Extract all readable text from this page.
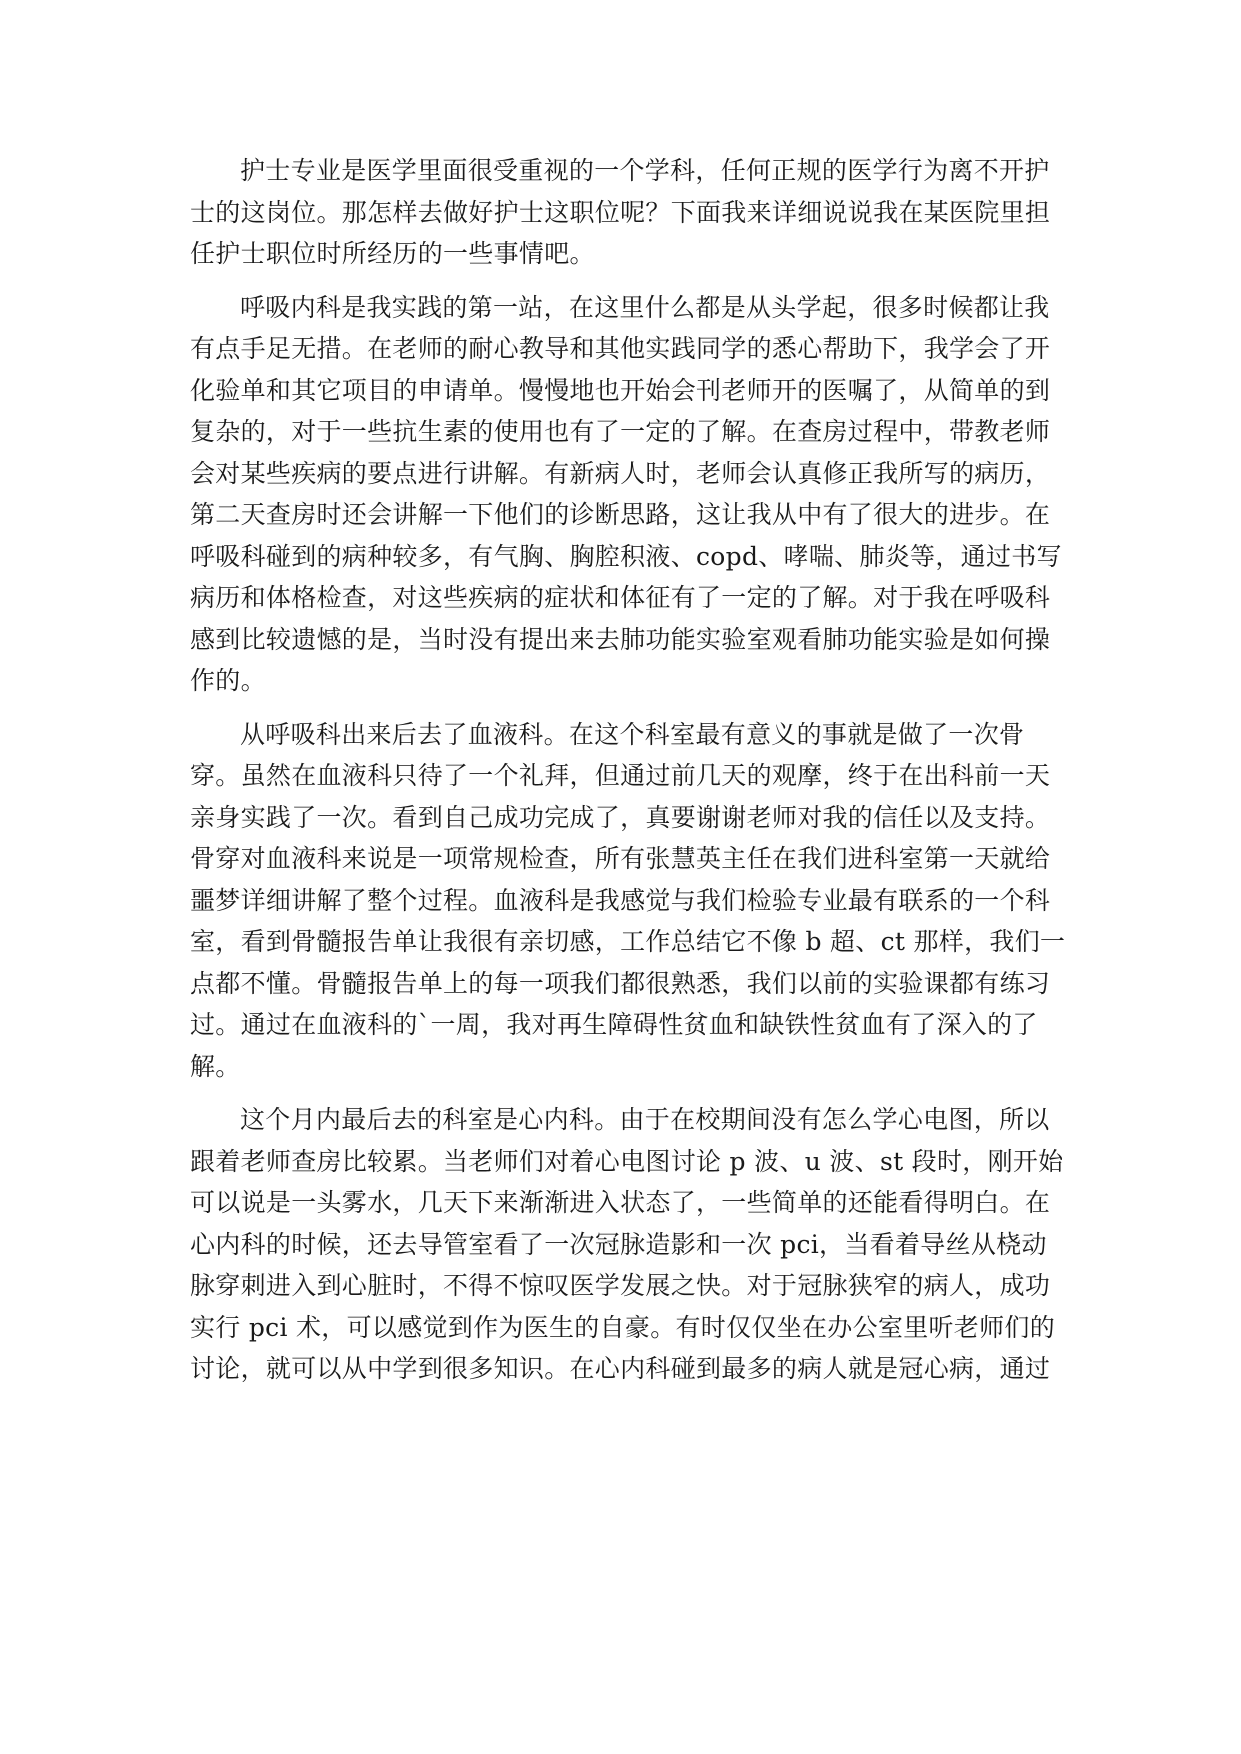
护士专业是医学里面很受重视的一个学科，任何正规的医学行为离不开护
士的这岗位。那怎样去做好护士这职位呢？下面我来详细说说我在某医院里担
任护士职位时所经历的一些事情吧。
呼吸内科是我实践的第一站，在这里什么都是从头学起，很多时候都让我
有点手足无措。在老师的耐心教导和其他实践同学的悉心帮助下，我学会了开
化验单和其它项目的申请单。慢慢地也开始会刊老师开的医嘱了，从简单的到
复杂的，对于一些抗生素的使用也有了一定的了解。在查房过程中，带教老师
会对某些疾病的要点进行讲解。有新病人时，老师会认真修正我所写的病历，
第二天查房时还会讲解一下他们的诊断思路，这让我从中有了很大的进步。在
呼吸科碰到的病种较多，有气胸、胸腔积液、copd、哮喘、肺炎等，通过书写
病历和体格检查，对这些疾病的症状和体征有了一定的了解。对于我在呼吸科
感到比较遗憾的是，当时没有提出来去肺功能实验室观看肺功能实验是如何操
作的。
从呼吸科出来后去了血液科。在这个科室最有意义的事就是做了一次骨
穿。虽然在血液科只待了一个礼拜，但通过前几天的观摩，终于在出科前一天
亲身实践了一次。看到自己成功完成了，真要谢谢老师对我的信任以及支持。
骨穿对血液科来说是一项常规检查，所有张慧英主任在我们进科室第一天就给
噩梦详细讲解了整个过程。血液科是我感觉与我们检验专业最有联系的一个科
室，看到骨髓报告单让我很有亲切感，工作总结它不像 b 超、ct 那样，我们一
点都不懂。骨髓报告单上的每一项我们都很熟悉，我们以前的实验课都有练习
过。通过在血液科的`一周，我对再生障碍性贫血和缺铁性贫血有了深入的了
解。
这个月内最后去的科室是心内科。由于在校期间没有怎么学心电图，所以
跟着老师查房比较累。当老师们对着心电图讨论 p 波、u 波、st 段时，刚开始
可以说是一头雾水，几天下来渐渐进入状态了，一些简单的还能看得明白。在
心内科的时候，还去导管室看了一次冠脉造影和一次 pci，当看着导丝从桡动
脉穿刺进入到心脏时，不得不惊叹医学发展之快。对于冠脉狭窄的病人，成功
实行 pci 术，可以感觉到作为医生的自豪。有时仅仅坐在办公室里听老师们的
讨论，就可以从中学到很多知识。在心内科碰到最多的病人就是冠心病，通过
